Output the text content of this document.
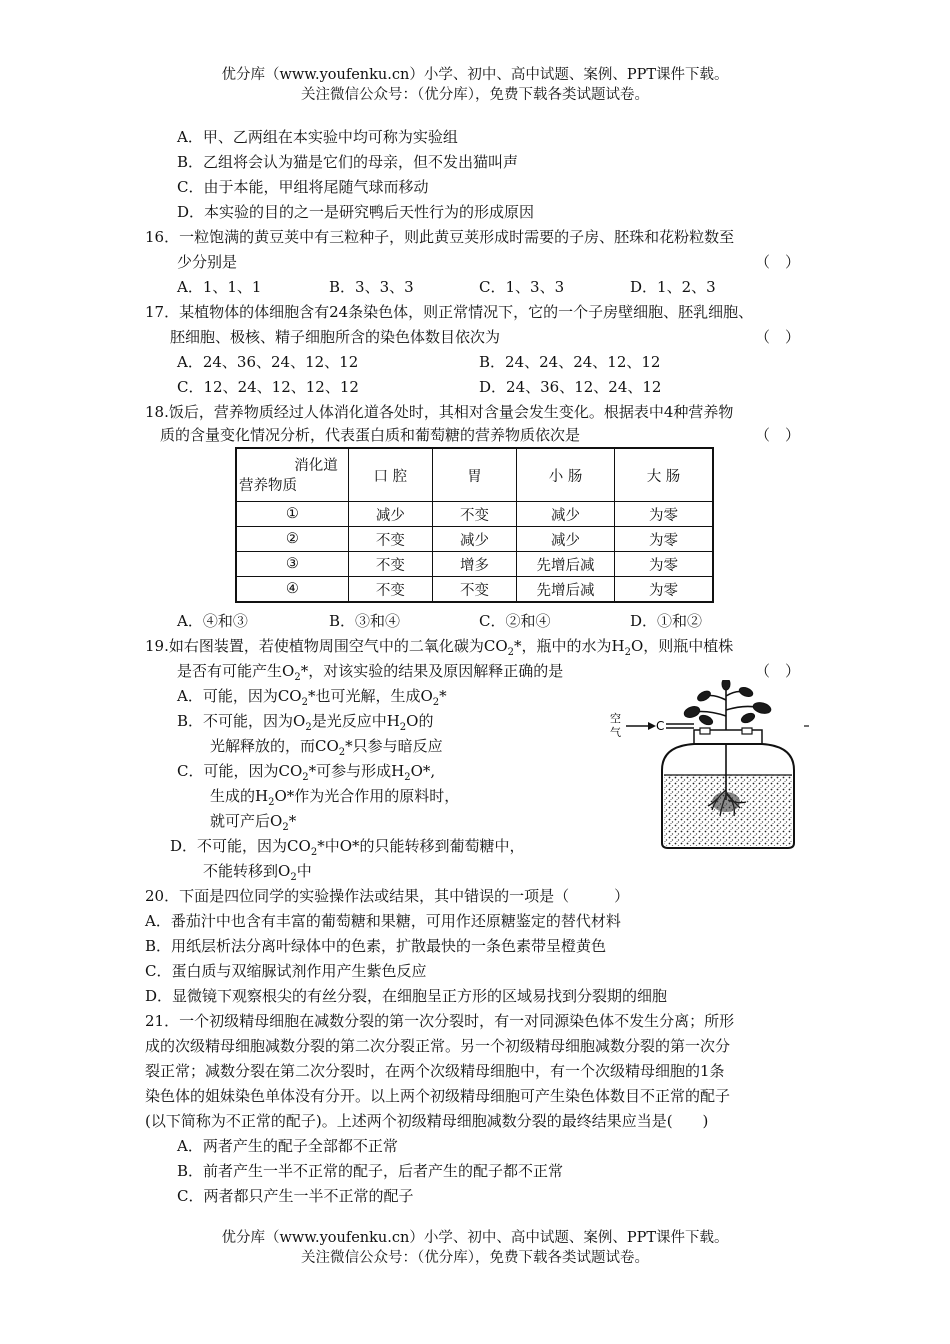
优分库（www.youfenku.cn）小学、初中、高中试题、案例、PPT课件下载。
关注微信公众号：（优分库），免费下载各类试题试卷。
A．甲、乙两组在本实验中均可称为实验组
B．乙组将会认为猫是它们的母亲，但不发出猫叫声
C．由于本能，甲组将尾随气球而移动
D．本实验的目的之一是研究鸭后天性行为的形成原因
16．一粒饱满的黄豆荚中有三粒种子，则此黄豆荚形成时需要的子房、胚珠和花粉粒数至
少分别是	（　）
A．1、1、1	B．3、3、3	C．1、3、3	D．1、2、3
17．某植物体的体细胞含有24条染色体，则正常情况下，它的一个子房壁细胞、胚乳细胞、
胚细胞、极核、精子细胞所含的染色体数目依次为	（　）
A．24、36、24、12、12	B．24、24、24、12、12
C．12、24、12、12、12	D．24、36、12、24、12
18.饭后，营养物质经过人体消化道各处时，其相对含量会发生变化。根据表中4种营养物
质的含量变化情况分析，代表蛋白质和葡萄糖的营养物质依次是	（　）
消化道
营养物质	口 腔	胃	小 肠	大 肠
①	减少	不变	减少	为零
②	不变	减少	减少	为零
③	不变	增多	先增后减	为零
④	不变	不变	先增后减	为零
A．④和③	B．③和④	C．②和④	D．①和②
19.如右图装置，若使植物周围空气中的二氧化碳为$CO_2*$，瓶中的水为$H_2O$，则瓶中植株
是否有可能产生$O_2*$，对该实验的结果及原因解释正确的是	（　）
A．可能，因为$CO_2*$也可光解，生成$O_2*$
B．不可能，因为$O_2$是光反应中$H_2O$的
光解释放的，而$CO_2*$只参与暗反应
C．可能，因为$CO_2*$可参与形成$H_2O*$,
生成的$H_2O*$作为光合作用的原料时，
就可产后$O_2*$
D．不可能，因为$CO_2*$中O*的只能转移到葡萄糖中，
不能转移到$O_2$中
空
气	C
20．下面是四位同学的实验操作法或结果，其中错误的一项是（　　　）
A．番茄汁中也含有丰富的葡萄糖和果糖，可用作还原糖鉴定的替代材料
B．用纸层析法分离叶绿体中的色素，扩散最快的一条色素带呈橙黄色
C．蛋白质与双缩脲试剂作用产生紫色反应
D．显微镜下观察根尖的有丝分裂，在细胞呈正方形的区域易找到分裂期的细胞
21．一个初级精母细胞在减数分裂的第一次分裂时，有一对同源染色体不发生分离；所形
成的次级精母细胞减数分裂的第二次分裂正常。另一个初级精母细胞减数分裂的第一次分
裂正常；减数分裂在第二次分裂时，在两个次级精母细胞中，有一个次级精母细胞的1条
染色体的姐妹染色单体没有分开。以上两个初级精母细胞可产生染色体数目不正常的配子
(以下简称为不正常的配子)。上述两个初级精母细胞减数分裂的最终结果应当是(　　)
A．两者产生的配子全部都不正常
B．前者产生一半不正常的配子，后者产生的配子都不正常
C．两者都只产生一半不正常的配子
优分库（www.youfenku.cn）小学、初中、高中试题、案例、PPT课件下载。
关注微信公众号：（优分库），免费下载各类试题试卷。
